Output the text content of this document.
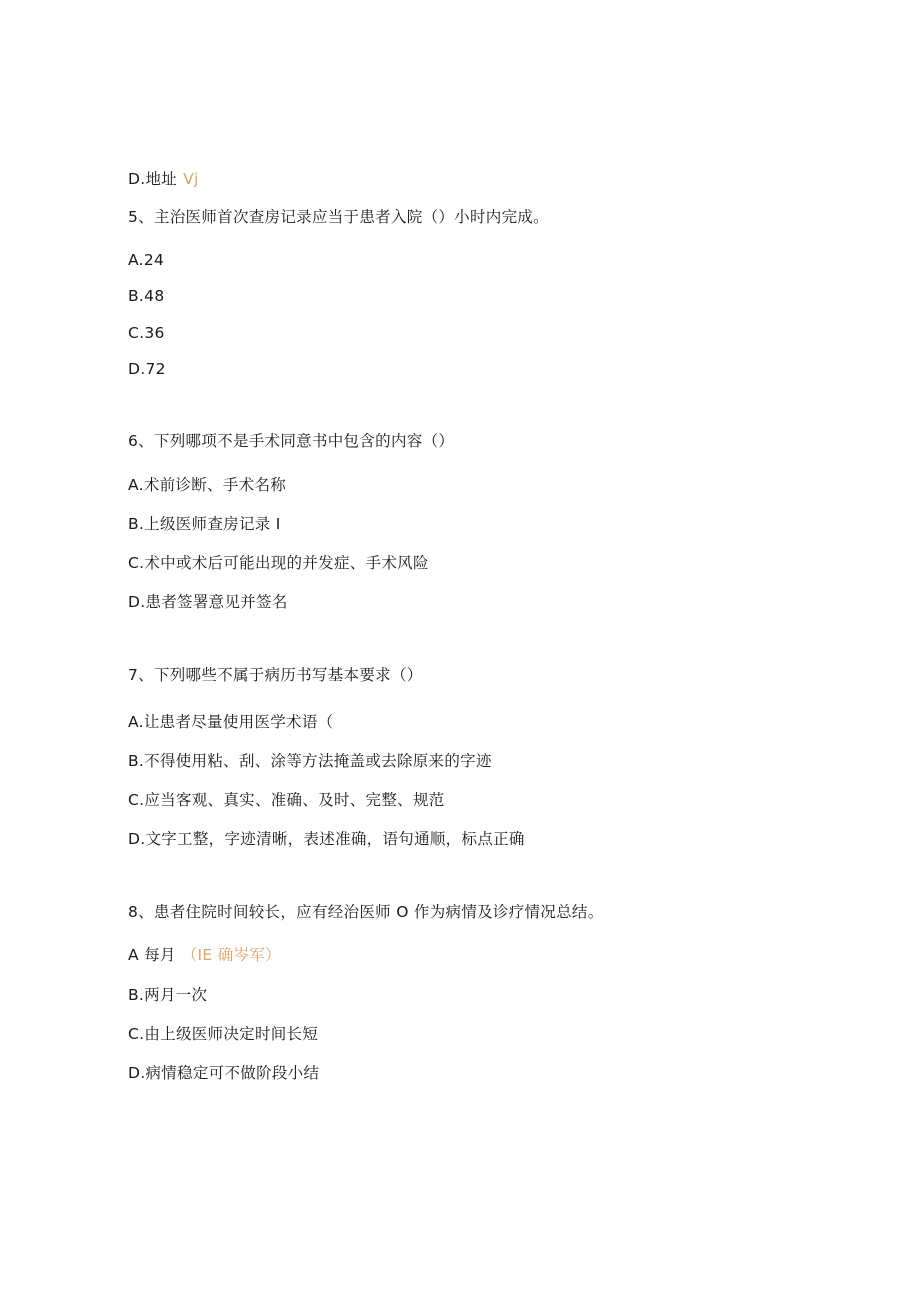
D.地址 Vj
5、主治医师首次查房记录应当于患者入院（）小时内完成。
A.24
B.48
C.36
D.72
6、下列哪项不是手术同意书中包含的内容（）
A.术前诊断、手术名称
B.上级医师查房记录 I
C.术中或术后可能出现的并发症、手术风险
D.患者签署意见并签名
7、下列哪些不属于病历书写基本要求（）
A.让患者尽量使用医学术语（
B.不得使用粘、刮、涂等方法掩盖或去除原来的字迹
C.应当客观、真实、准确、及时、完整、规范
D.文字工整，字迹清晰，表述准确，语句通顺，标点正确
8、患者住院时间较长，应有经治医师 O 作为病情及诊疗情况总结。
A 每月 （IE 确岑军）
B.两月一次
C.由上级医师决定时间长短
D.病情稳定可不做阶段小结
